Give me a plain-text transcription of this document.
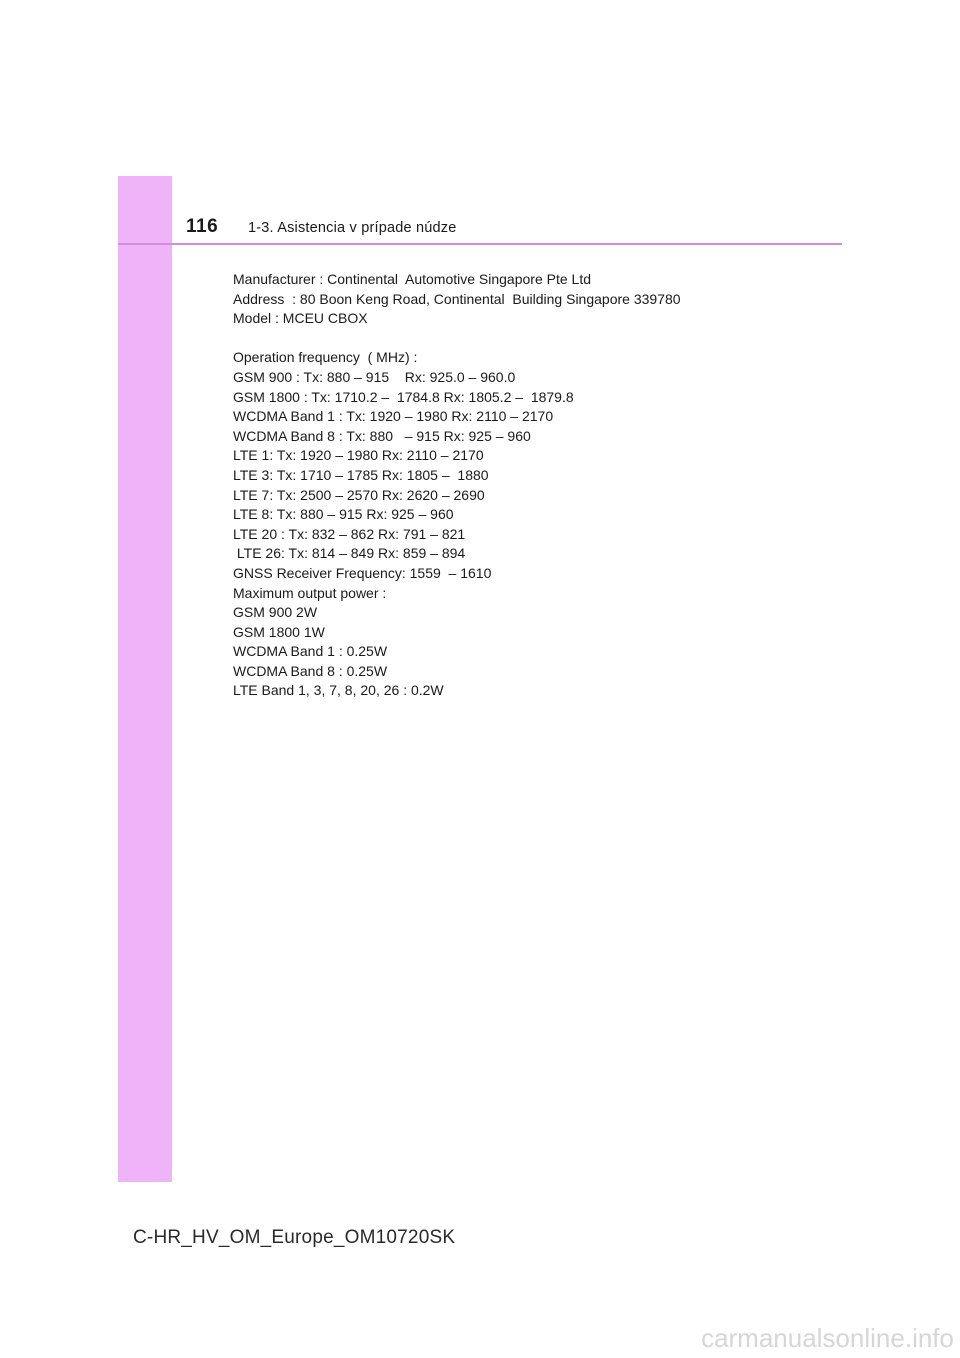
116 1-3. Asistencia v prípade núdze
Manufacturer : Continental  Automotive Singapore Pte Ltd
Address  : 80 Boon Keng Road, Continental  Building Singapore 339780
Model : MCEU CBOX
Operation frequency  ( MHz) :
GSM 900 : Tx: 880 – 915    Rx: 925.0 – 960.0
GSM 1800 : Tx: 1710.2 –  1784.8 Rx: 1805.2 –  1879.8
WCDMA Band 1 : Tx: 1920 – 1980 Rx: 2110 – 2170
WCDMA Band 8 : Tx: 880   – 915 Rx: 925 – 960
LTE 1: Tx: 1920 – 1980 Rx: 2110 – 2170
LTE 3: Tx: 1710 – 1785 Rx: 1805 –  1880
LTE 7: Tx: 2500 – 2570 Rx: 2620 – 2690
LTE 8: Tx: 880 – 915 Rx: 925 – 960
LTE 20 : Tx: 832 – 862 Rx: 791 – 821
LTE 26: Tx: 814 – 849 Rx: 859 – 894
GNSS Receiver Frequency: 1559  – 1610
Maximum output power :
GSM 900 2W
GSM 1800 1W
WCDMA Band 1 : 0.25W
WCDMA Band 8 : 0.25W
LTE Band 1, 3, 7, 8, 20, 26 : 0.2W
C-HR_HV_OM_Europe_OM10720SK
carmanualsonline.info
